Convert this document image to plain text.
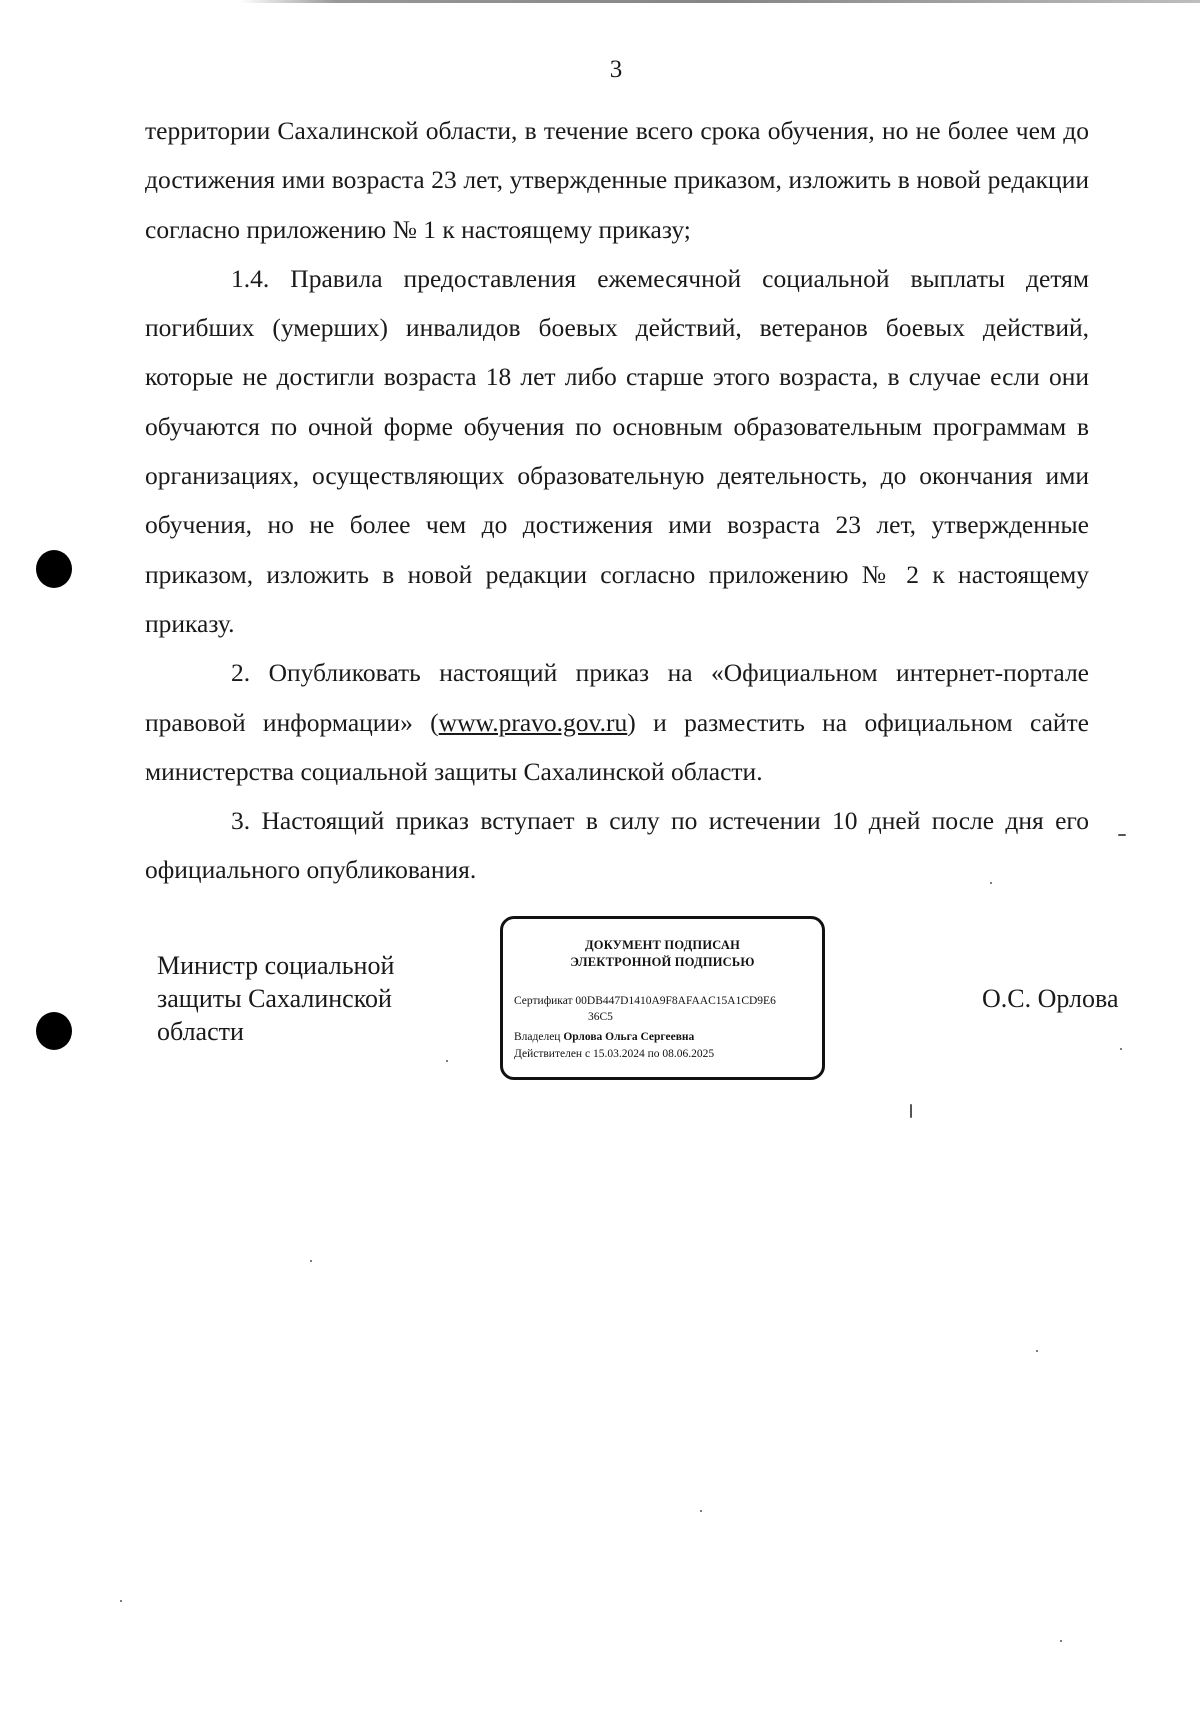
3

территории Сахалинской области, в течение всего срока обучения, но не более чем до достижения ими возраста 23 лет, утвержденные приказом, изложить в новой редакции согласно приложению № 1 к настоящему приказу;

1.4. Правила предоставления ежемесячной социальной выплаты детям погибших (умерших) инвалидов боевых действий, ветеранов боевых действий, которые не достигли возраста 18 лет либо старше этого возраста, в случае если они обучаются по очной форме обучения по основным образовательным программам в организациях, осуществляющих образовательную деятельность, до окончания ими обучения, но не более чем до достижения ими возраста 23 лет, утвержденные приказом, изложить в новой редакции согласно приложению № 2 к настоящему приказу.

2. Опубликовать настоящий приказ на «Официальном интернет-портале правовой информации» (www.pravo.gov.ru) и разместить на официальном сайте министерства социальной защиты Сахалинской области.

3. Настоящий приказ вступает в силу по истечении 10 дней после дня его официального опубликования.

Министр социальной
защиты Сахалинской
области
ДОКУМЕНТ ПОДПИСАН
ЭЛЕКТРОННОЙ ПОДПИСЬЮ
Сертификат 00DB447D1410A9F8AFAAC15A1CD9E6
36C5
Владелец Орлова Ольга Сергеевна
Действителен с 15.03.2024 по 08.06.2025
О.С. Орлова
